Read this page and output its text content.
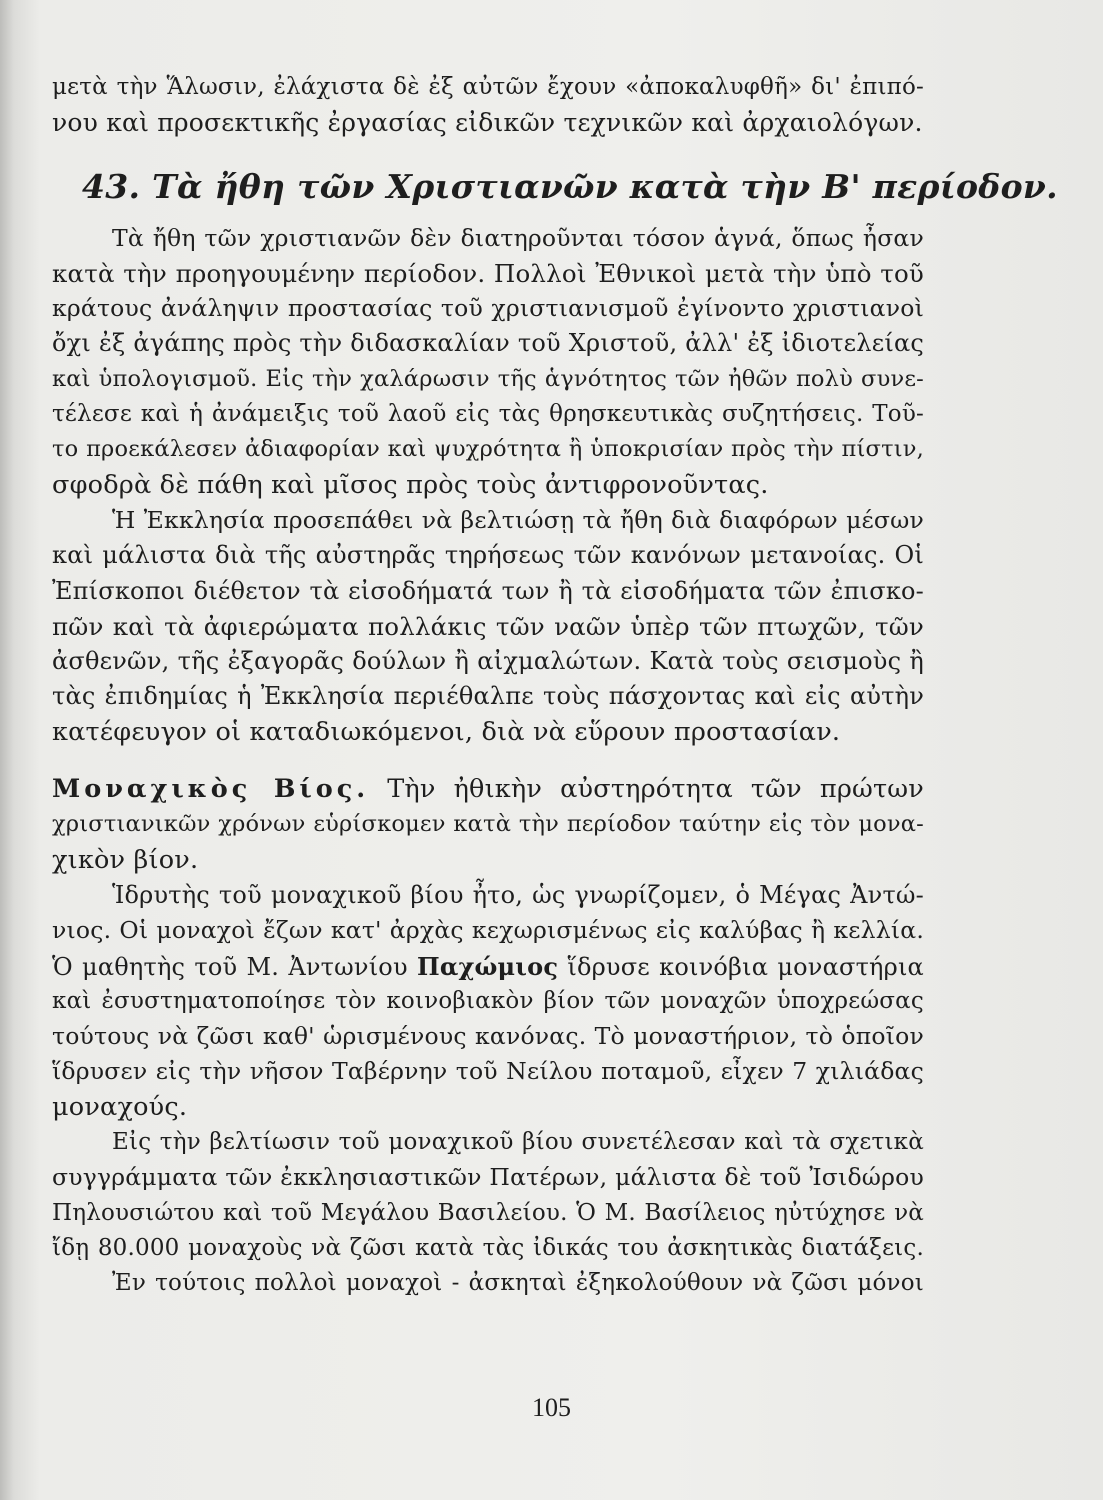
μετὰ τὴν Ἅλωσιν, ἐλάχιστα δὲ ἐξ αὐτῶν ἔχουν «ἀποκαλυφθῆ» δι' ἐπιπό-
νου καὶ προσεκτικῆς ἐργασίας εἰδικῶν τεχνικῶν καὶ ἀρχαιολόγων.
43. Τὰ ἤθη τῶν Χριστιανῶν κατὰ τὴν Β' περίοδον.
Τὰ ἤθη τῶν χριστιανῶν δὲν διατηροῦνται τόσον ἁγνά, ὅπως ἦσαν
κατὰ τὴν προηγουμένην περίοδον. Πολλοὶ Ἐθνικοὶ μετὰ τὴν ὑπὸ τοῦ
κράτους ἀνάληψιν προστασίας τοῦ χριστιανισμοῦ ἐγίνοντο χριστιανοὶ
ὄχι ἐξ ἀγάπης πρὸς τὴν διδασκαλίαν τοῦ Χριστοῦ, ἀλλ' ἐξ ἰδιοτελείας
καὶ ὑπολογισμοῦ. Εἰς τὴν χαλάρωσιν τῆς ἁγνότητος τῶν ἠθῶν πολὺ συνε-
τέλεσε καὶ ἡ ἀνάμειξις τοῦ λαοῦ εἰς τὰς θρησκευτικὰς συζητήσεις. Τοῦ-
το προεκάλεσεν ἀδιαφορίαν καὶ ψυχρότητα ἢ ὑποκρισίαν πρὸς τὴν πίστιν,
σφοδρὰ δὲ πάθη καὶ μῖσος πρὸς τοὺς ἀντιφρονοῦντας.
Ἡ Ἐκκλησία προσεπάθει νὰ βελτιώσῃ τὰ ἤθη διὰ διαφόρων μέσων
καὶ μάλιστα διὰ τῆς αὐστηρᾶς τηρήσεως τῶν κανόνων μετανοίας. Οἱ
Ἐπίσκοποι διέθετον τὰ εἰσοδήματά των ἢ τὰ εἰσοδήματα τῶν ἐπισκο-
πῶν καὶ τὰ ἀφιερώματα πολλάκις τῶν ναῶν ὑπὲρ τῶν πτωχῶν, τῶν
ἀσθενῶν, τῆς ἐξαγορᾶς δούλων ἢ αἰχμαλώτων. Κατὰ τοὺς σεισμοὺς ἢ
τὰς ἐπιδημίας ἡ Ἐκκλησία περιέθαλπε τοὺς πάσχοντας καὶ εἰς αὐτὴν
κατέφευγον οἱ καταδιωκόμενοι, διὰ νὰ εὕρουν προστασίαν.
Μοναχικὸς Βίος. Τὴν ἠθικὴν αὐστηρότητα τῶν πρώτων
χριστιανικῶν χρόνων εὑρίσκομεν κατὰ τὴν περίοδον ταύτην εἰς τὸν μονα-
χικὸν βίον.
Ἱδρυτὴς τοῦ μοναχικοῦ βίου ἦτο, ὡς γνωρίζομεν, ὁ Μέγας Ἀντώ-
νιος. Οἱ μοναχοὶ ἔζων κατ' ἀρχὰς κεχωρισμένως εἰς καλύβας ἢ κελλία.
Ὁ μαθητὴς τοῦ Μ. Ἀντωνίου Παχώμιος ἵδρυσε κοινόβια μοναστήρια
καὶ ἐσυστηματοποίησε τὸν κοινοβιακὸν βίον τῶν μοναχῶν ὑποχρεώσας
τούτους νὰ ζῶσι καθ' ὡρισμένους κανόνας. Τὸ μοναστήριον, τὸ ὁποῖον
ἵδρυσεν εἰς τὴν νῆσον Ταβέρνην τοῦ Νείλου ποταμοῦ, εἶχεν 7 χιλιάδας
μοναχούς.
Εἰς τὴν βελτίωσιν τοῦ μοναχικοῦ βίου συνετέλεσαν καὶ τὰ σχετικὰ
συγγράμματα τῶν ἐκκλησιαστικῶν Πατέρων, μάλιστα δὲ τοῦ Ἰσιδώρου
Πηλουσιώτου καὶ τοῦ Μεγάλου Βασιλείου. Ὁ Μ. Βασίλειος ηὐτύχησε νὰ
ἴδῃ 80.000 μοναχοὺς νὰ ζῶσι κατὰ τὰς ἰδικάς του ἀσκητικὰς διατάξεις.
Ἐν τούτοις πολλοὶ μοναχοὶ - ἀσκηταὶ ἐξηκολούθουν νὰ ζῶσι μόνοι
105
